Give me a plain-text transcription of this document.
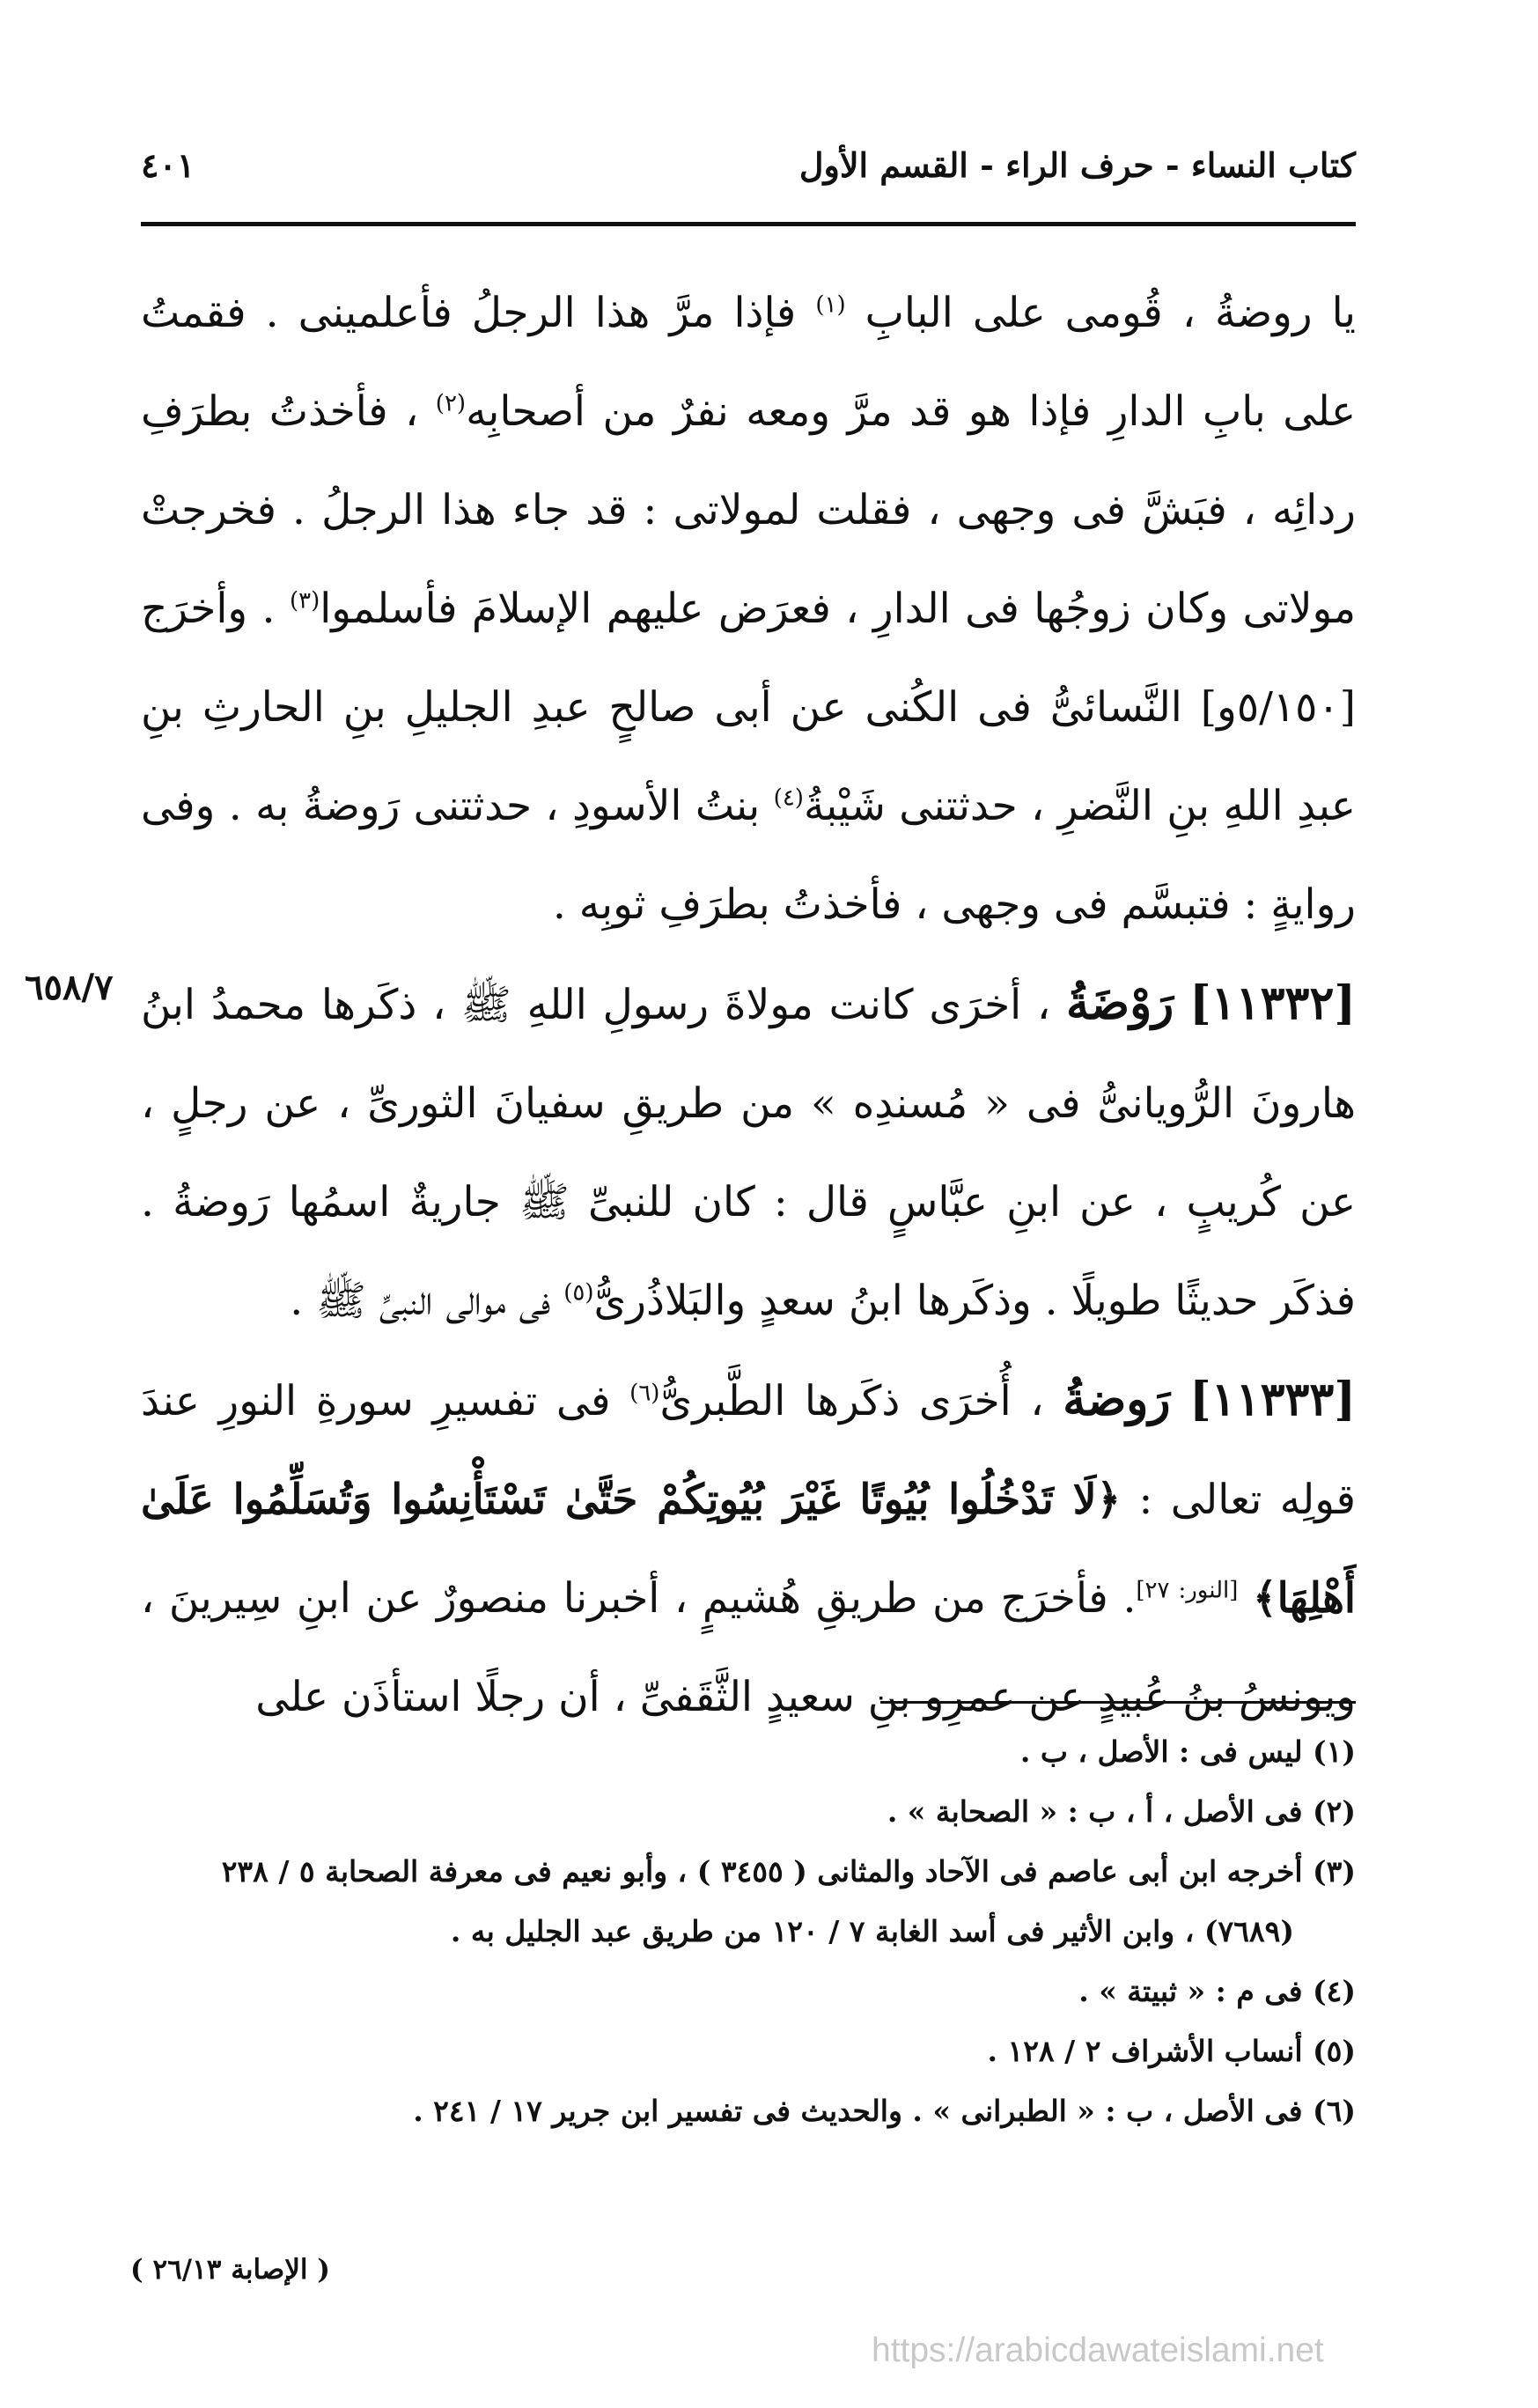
كتاب النساء - حرف الراء - القسم الأول
٤٠١
٦٥٨/٧

يا روضةُ ، قُومى على البابِ $^{(١)}$ فإذا مرَّ هذا الرجلُ فأعلمينى . فقمتُ على بابِ الدارِ فإذا هو قد مرَّ ومعه نفرٌ من أصحابِه$^{(٢)}$ ، فأخذتُ بطرَفِ ردائِه ، فبَشَّ فى وجهى ، فقلت لمولاتى : قد جاء هذا الرجلُ . فخرجتْ مولاتى وكان زوجُها فى الدارِ ، فعرَض عليهم الإسلامَ فأسلموا$^{(٣)}$ . وأخرَج [٥/١٥٠و] النَّسائىُّ فى الكُنى عن أبى صالحٍ عبدِ الجليلِ بنِ الحارثِ بنِ عبدِ اللهِ بنِ النَّضرِ ، حدثتنى شَيْبةُ$^{(٤)}$ بنتُ الأسودِ ، حدثتنى رَوضةُ به . وفى روايةٍ : فتبسَّم فى وجهى ، فأخذتُ بطرَفِ ثوبِه .

[١١٣٣٢] رَوْضَةُ ، أخرَى كانت مولاةَ رسولِ اللهِ ﷺ ، ذكَرها محمدُ ابنُ هارونَ الرُّويانىُّ فى « مُسندِه » من طريقِ سفيانَ الثورىِّ ، عن رجلٍ ، عن كُريبٍ ، عن ابنِ عبَّاسٍ قال : كان للنبىِّ ﷺ جاريةٌ اسمُها رَوضةُ . فذكَر حديثًا طويلًا . وذكَرها ابنُ سعدٍ والبَلاذُرىُّ$^{(٥)}$ فى موالى النبىِّ ﷺ .

[١١٣٣٣] رَوضةُ ، أُخرَى ذكَرها الطَّبرىُّ$^{(٦)}$ فى تفسيرِ سورةِ النورِ عندَ قولِه تعالى : ﴿لَا تَدْخُلُوا بُيُوتًا غَيْرَ بُيُوتِكُمْ حَتَّىٰ تَسْتَأْنِسُوا وَتُسَلِّمُوا عَلَىٰ أَهْلِهَا﴾ [النور: ٢٧]. فأخرَج من طريقِ هُشيمٍ ، أخبرنا منصورٌ عن ابنِ سِيرينَ ، ويونسُ بنُ عُبيدٍ عن عمرِو بنِ سعيدٍ الثَّقَفىِّ ، أن رجلًا استأذَن على

(١) ليس فى : الأصل ، ب .
(٢) فى الأصل ، أ ، ب : « الصحابة » .
(٣) أخرجه ابن أبى عاصم فى الآحاد والمثانى ( ٣٤٥٥ ) ، وأبو نعيم فى معرفة الصحابة ٥ / ٢٣٨
(٧٦٨٩) ، وابن الأثير فى أسد الغابة ٧ / ١٢٠ من طريق عبد الجليل به .
(٤) فى م : « ثبيتة » .
(٥) أنساب الأشراف ٢ / ١٢٨ .
(٦) فى الأصل ، ب : « الطبرانى » . والحديث فى تفسير ابن جرير ١٧ / ٢٤١ .
( الإصابة ٢٦/١٣ )
https://arabicdawateislami.net
